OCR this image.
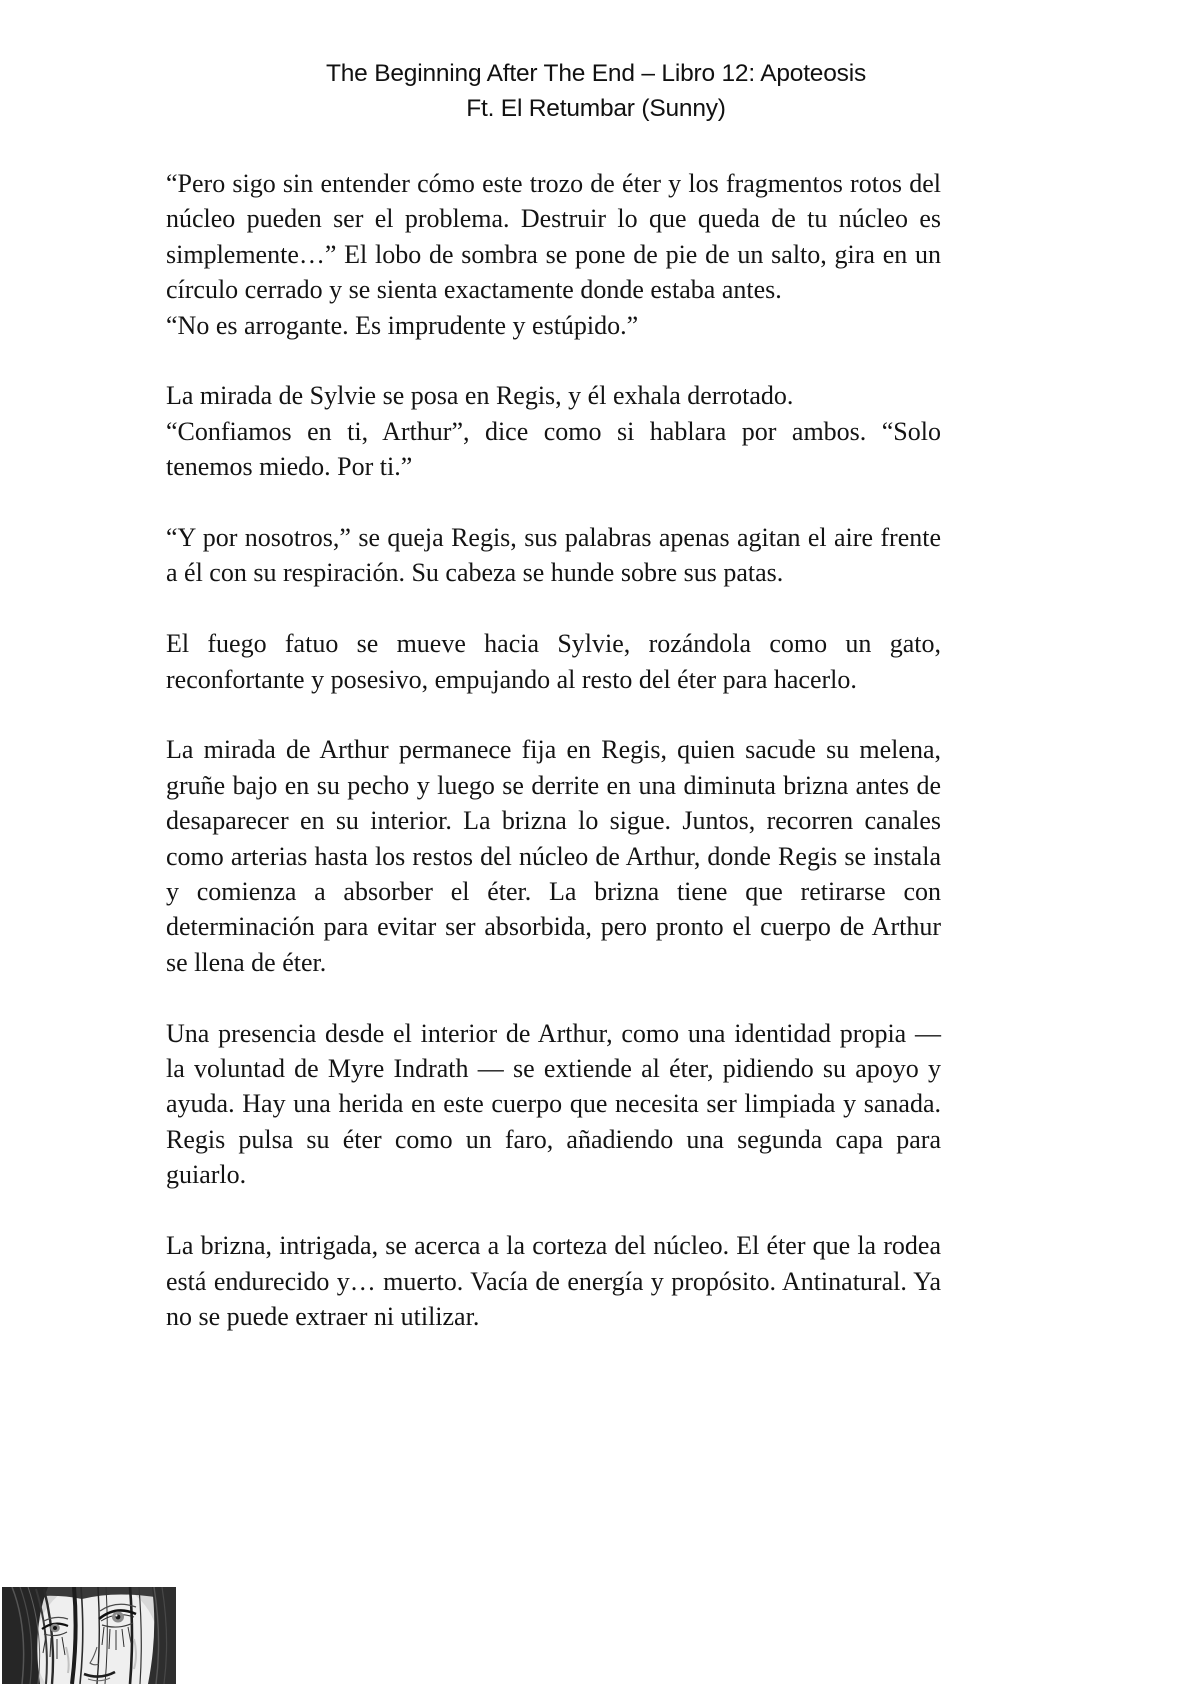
The Beginning After The End – Libro 12: Apoteosis
Ft. El Retumbar (Sunny)

“Pero sigo sin entender cómo este trozo de éter y los fragmentos rotos del núcleo pueden ser el problema. Destruir lo que queda de tu núcleo es simplemente…” El lobo de sombra se pone de pie de un salto, gira en un círculo cerrado y se sienta exactamente donde estaba antes.

“No es arrogante. Es imprudente y estúpido.”

La mirada de Sylvie se posa en Regis, y él exhala derrotado.

“Confiamos en ti, Arthur”, dice como si hablara por ambos. “Solo tenemos miedo. Por ti.”

“Y por nosotros,” se queja Regis, sus palabras apenas agitan el aire frente a él con su respiración. Su cabeza se hunde sobre sus patas.

El fuego fatuo se mueve hacia Sylvie, rozándola como un gato, reconfortante y posesivo, empujando al resto del éter para hacerlo.

La mirada de Arthur permanece fija en Regis, quien sacude su melena, gruñe bajo en su pecho y luego se derrite en una diminuta brizna antes de desaparecer en su interior. La brizna lo sigue. Juntos, recorren canales como arterias hasta los restos del núcleo de Arthur, donde Regis se instala y comienza a absorber el éter. La brizna tiene que retirarse con determinación para evitar ser absorbida, pero pronto el cuerpo de Arthur se llena de éter.

Una presencia desde el interior de Arthur, como una identidad propia — la voluntad de Myre Indrath — se extiende al éter, pidiendo su apoyo y ayuda. Hay una herida en este cuerpo que necesita ser limpiada y sanada. Regis pulsa su éter como un faro, añadiendo una segunda capa para guiarlo.

La brizna, intrigada, se acerca a la corteza del núcleo. El éter que la rodea está endurecido y… muerto. Vacía de energía y propósito. Antinatural. Ya no se puede extraer ni utilizar.
